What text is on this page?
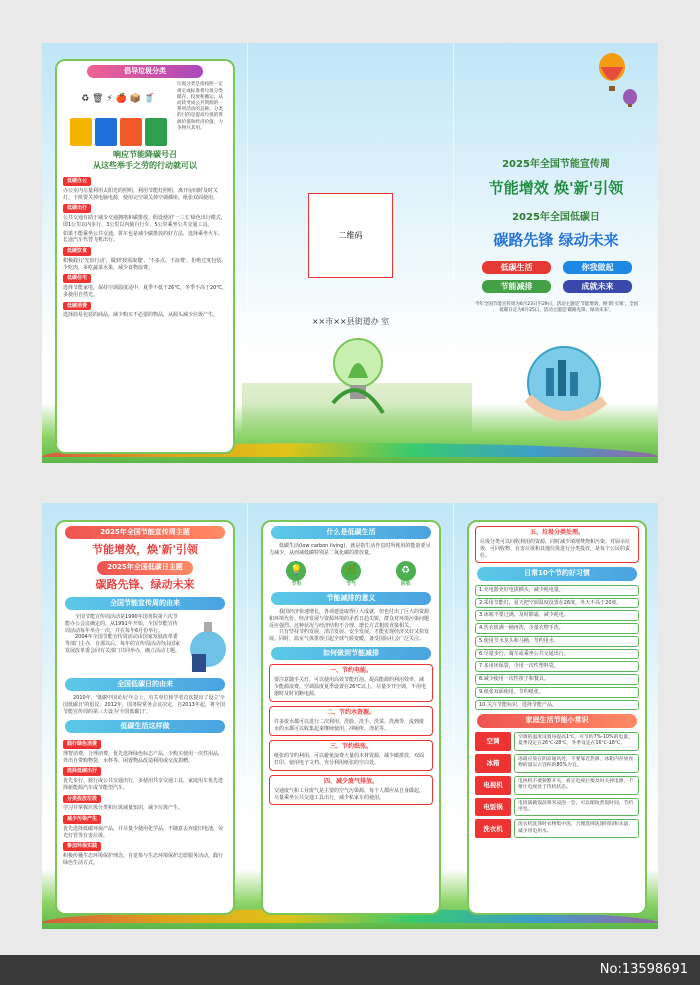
倡导垃圾分类
♻ 🗑 ⚡ 🍎 📦 🥤
垃圾分类是指按照一定规定或标准将垃圾分类储存、投放和搬运，从而转变成公共资源的一系列活动的总称。分类的目的是提高垃圾的资源价值和经济价值，力争物尽其用。
响应节能降碳号召
从这些举手之劳的行动就可以
低碳办公
办公室内尽量利用太阳光的照明，利用节能灯照明，离开房间时及时关灯。下班要关掉电脑电源，使用完空调关掉空调插座。纸张双面使用。
低碳出行
公共交通有助于减少交通拥堵和碳排放。假设使用'一三五'绿色出行模式，即1公里以内步行，3公里以内骑自行车，5公里乘坐公共交通工具。
如果不能乘坐公共交通，拼车也是减少碳排放的好方法，选择乘坐火车、长途汽车代替飞机出行。
低碳饮食
积极践行'光盘行动'，做到'按需取餐'、'不多点、不浪费'，拒绝过度包装。少吃肉，多吃蔬菜水果，减少食物浪费。
低碳住宅
选择节能家电，保持空调温度适中，夏季不低于26℃，冬季不高于20℃，多使用自然光。
低碳消费
选择简易包装的商品，减少购买不必要的物品，从源头减少垃圾产生。
二维码
××市××县街道办 室
2025年全国节能宣传周
节能增效 焕'新'引领
2025年全国低碳日
碳路先锋 绿动未来
低碳生活	你我做起
节能减排	成就未来
今年全国节能宣传周为6月23日至29日，活动主题是'节能增效，焕'新'引领'，全国低碳日定为6月25日，活动主题是'碳路先锋，绿动未来'。
2025年全国节能宣传周主题
节能增效，焕'新'引领
2025年全国低碳日主题
碳路先锋、绿动未来
全国节能宣传周的由来
全国节能宣传周活动是1990年国务院第六次节能办公会议确定的，从1991年开始，全国节能宣传周活动每年举办一次，并在每年6月份举行。
2004年全国节能宣传周活动由国家发展改革委等部门主办，自那以后，每年的宣传周活动均由国家发展改革委会同有关部门共同举办，确立活动主题。
全国低碳日的由来
2010年，'低碳中国论坛'年会上，有关单位和学者首次提出了设立'全国低碳日'的倡议。2012年，国务院常务会议决定，自2013年起，将全国节能宣传周的第三天设为'全国低碳日'。
低碳生活这样做
践行绿色消费
理智消费，合理消费。优先选择绿色标志产品，少购买使用一次性用品，外出自带购物袋、水杯等，闲置物品改造利用或交流捐赠。
选择低碳出行
优先步行、骑行或公共交通出行，多使用共享交通工具，家庭用车优先选择新能源汽车或节能型汽车。
分类投放垃圾
学习并掌握垃圾分类和垃圾减量知识，减少垃圾产生。
减少污染产生
优先选择低碳环保产品，并尽量少使用化学品，不随意丢弃废旧电池、荧光灯管等有害垃圾。
参加环保实践
积极传播生态环境保护理念，自觉参与生态环境保护志愿服务活动，践行绿色生活方式。
什么是低碳生活
低碳生活(low carbon living)，就是指生活作息时所耗用的能量要尽力减少，从而减低碳特别是二氧化碳的排放量。
💡
节电
🌿
节气
♻
回收
节能减排的意义
我国经济快速增长，各项建设取得巨大成就，但也付出了巨大的资源和环境代价。经济发展与资源环境的矛盾日趋尖锐，群众对环境污染问题反应强烈。这种状况与经济结构不合理、增长方式粗放直接相关。
只有坚持节约发展、清洁发展、安全发展，才能实现经济又好又快发展。同时，温室气体排放引起全球气候变暖，备受国际社会广泛关注。
如何做到节能减排
一、节约电能。
要注意随手关灯，可以使用高效节能灯泡。提高能源的利用效率，减少能源浪费。空调温度夏季设置在26℃以上，尽量少开空调，不用电器时及时切断电源。
二、节约水资源。
许多废水都可以进行二次利用。洗脸、洗手、洗菜、洗澡等，流到废水的水都可以收集起来继续使用，冲厕所、浇花等。
三、节约纸张。
纸张的节约利用，可以避免浪费大量的木材资源，减少碳排放。双面打印、使用电子文档、充分利用纸张的空白处。
四、减少废气排放。
交通废气和工业废气是主要的空气污染源，每个人都应从自身做起，尽量乘坐公共交通工具出行，减少私家车的使用。
五、垃圾分类处理。
垃圾分类可以回收利用的资源，同时减少填埋焚烧和污染。对厨余垃圾、可回收物、有害垃圾和其他垃圾进行分类投放，是每个公民的责任。
日常10个节约好习惯
1.充电器充好电拔插头，减少耗电量。
2.采用节能灯，夏天把空调温度设置在26度，冬天不高于20度。
3.冰箱不要过满，及时除霜，减少耗电。
4.洗衣机满一桶再洗，少量衣物手洗。
5.使用节水龙头和马桶，节约用水。
6.尽量步行、骑车或乘坐公共交通出行。
7.多用环保袋，少用一次性塑料袋。
8.减少使用一次性筷子和餐具。
9.纸张双面使用，节约纸张。
10.关注节能标识，选择节能产品。
家庭生活节能小常识
空调	空调的温度设置每提高1℃，可节约7%-10%的电量。夏季设定在26℃-28℃，冬季设定在16℃-18℃。
冰箱	冰箱应放在阴凉通风处，不要靠近热源，冰箱内存放食物的量以占容积的80%为宜。
电视机	电视机不要频繁开关，看完电视后要及时关掉电源，不要让电视处于待机状态。
电饭锅	电饭锅做饭前将米浸泡一会，可以缩短煮饭时间，节约用电。
洗衣机	洗衣机洗涤时衣物集中洗，合理选择洗涤时间和水量，减少用电用水。
No:13598691
